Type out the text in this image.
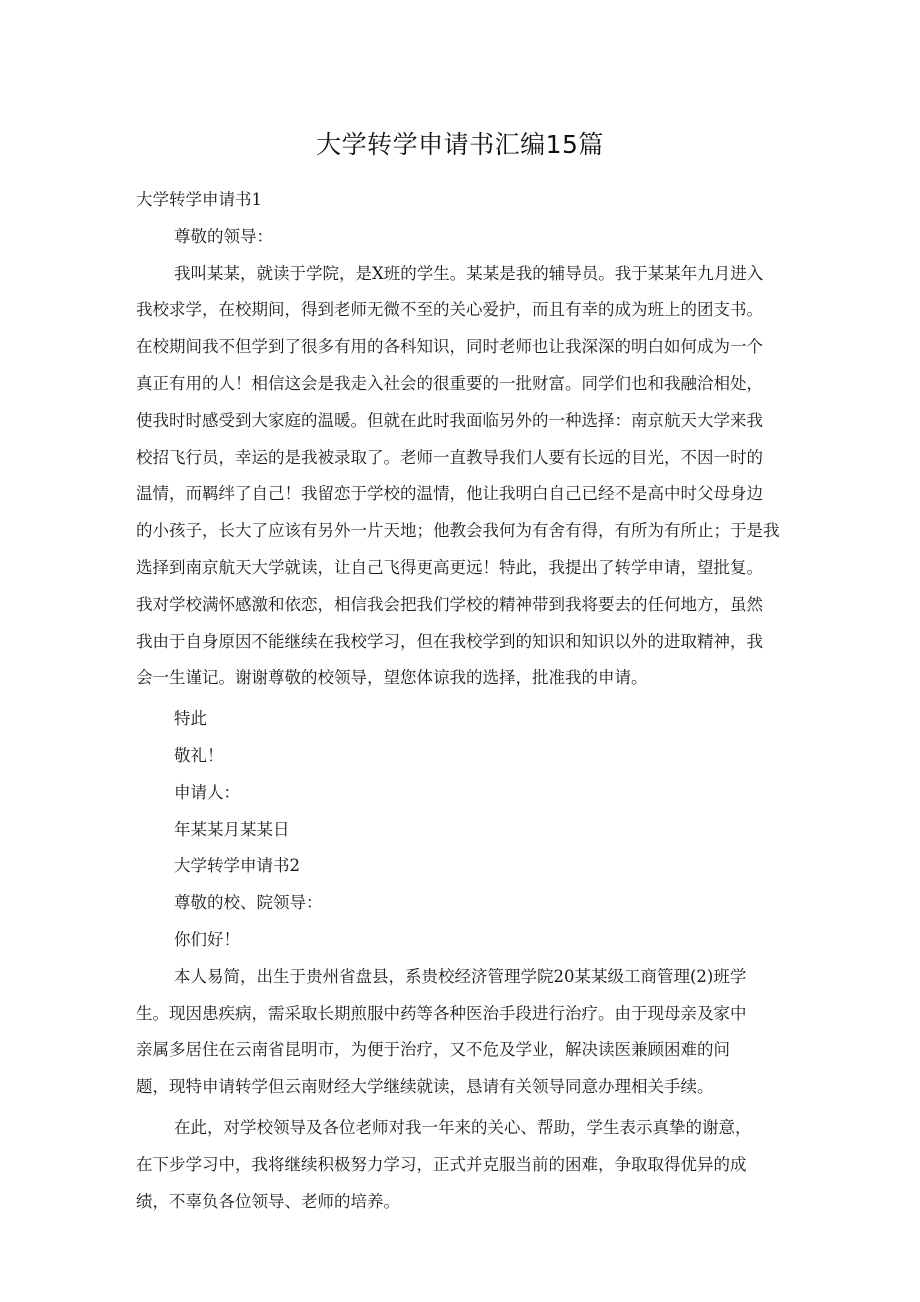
大学转学申请书汇编15篇
大学转学申请书1
尊敬的领导：
我叫某某，就读于学院，是X班的学生。某某是我的辅导员。我于某某年九月进入
我校求学，在校期间，得到老师无微不至的关心爱护，而且有幸的成为班上的团支书。
在校期间我不但学到了很多有用的各科知识，同时老师也让我深深的明白如何成为一个
真正有用的人！相信这会是我走入社会的很重要的一批财富。同学们也和我融洽相处，
使我时时感受到大家庭的温暖。但就在此时我面临另外的一种选择：南京航天大学来我
校招飞行员，幸运的是我被录取了。老师一直教导我们人要有长远的目光，不因一时的
温情，而羁绊了自己！我留恋于学校的温情，他让我明白自己已经不是高中时父母身边
的小孩子，长大了应该有另外一片天地；他教会我何为有舍有得，有所为有所止；于是我
选择到南京航天大学就读，让自己飞得更高更远！特此，我提出了转学申请，望批复。
我对学校满怀感激和依恋，相信我会把我们学校的精神带到我将要去的任何地方，虽然
我由于自身原因不能继续在我校学习，但在我校学到的知识和知识以外的进取精神，我
会一生谨记。谢谢尊敬的校领导，望您体谅我的选择，批准我的申请。
特此
敬礼！
申请人：
年某某月某某日
大学转学申请书2
尊敬的校、院领导：
你们好！
本人易简，出生于贵州省盘县，系贵校经济管理学院20某某级工商管理(2)班学
生。现因患疾病，需采取长期煎服中药等各种医治手段进行治疗。由于现母亲及家中
亲属多居住在云南省昆明市，为便于治疗，又不危及学业，解决读医兼顾困难的问
题，现特申请转学但云南财经大学继续就读，恳请有关领导同意办理相关手续。
在此，对学校领导及各位老师对我一年来的关心、帮助，学生表示真挚的谢意，
在下步学习中，我将继续积极努力学习，正式并克服当前的困难，争取取得优异的成
绩，不辜负各位领导、老师的培养。
